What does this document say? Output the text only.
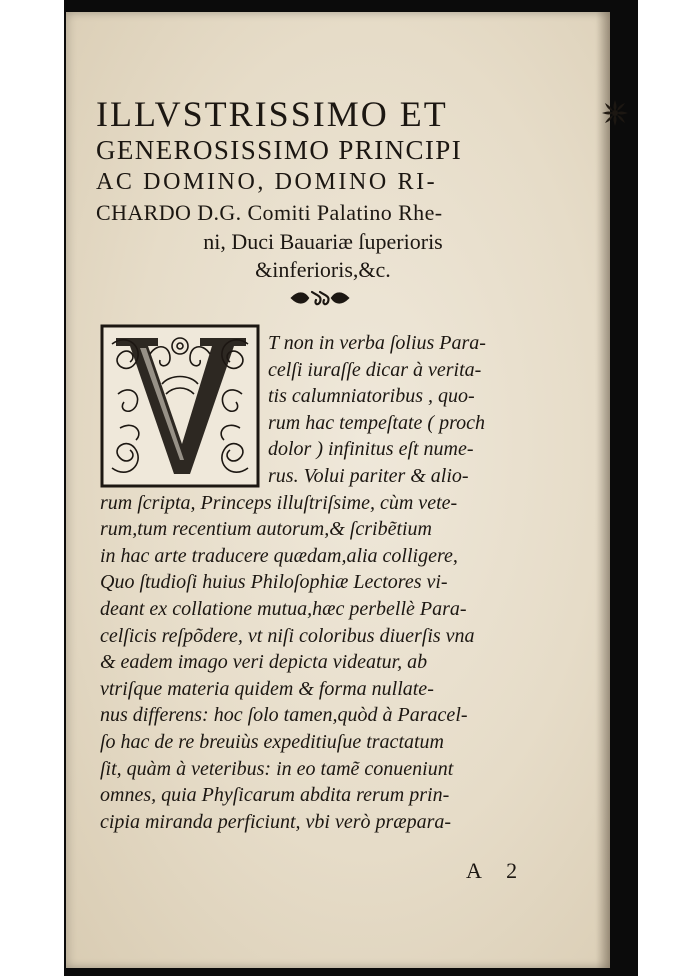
ILLVSTRISSIMO ET
GENEROSISSIMO PRINCIPI
AC DOMINO, DOMINO RI-
CHARDO D.G. Comiti Palatino Rhe-
ni, Duci Bauariæ ſuperioris
&inferioris,&c.
T non in verba ſolius Para-
celſi iuraſſe dicar à verita-
tis calumniatoribus , quo-
rum hac tempeſtate ( proch
dolor ) infinitus eſt nume-
rus. Volui pariter & alio-
rum ſcripta, Princeps illuſtriſsime, cùm vete-
rum,tum recentium autorum,& ſcribẽtium
in hac arte traducere quædam,alia colligere,
Quo ſtudioſi huius Philoſophiæ Lectores vi-
deant ex collatione mutua,hæc perbellè Para-
celſicis reſpõdere, vt niſi coloribus diuerſis vna
& eadem imago veri depicta videatur, ab
vtriſque materia quidem & forma nullate-
nus differens: hoc ſolo tamen,quòd à Paracel-
ſo hac de re breuiùs expeditiuſue tractatum
ſit, quàm à veteribus: in eo tamẽ conueniunt
omnes, quia Phyſicarum abdita rerum prin-
cipia miranda perficiunt, vbi verò præpara-
A 2
